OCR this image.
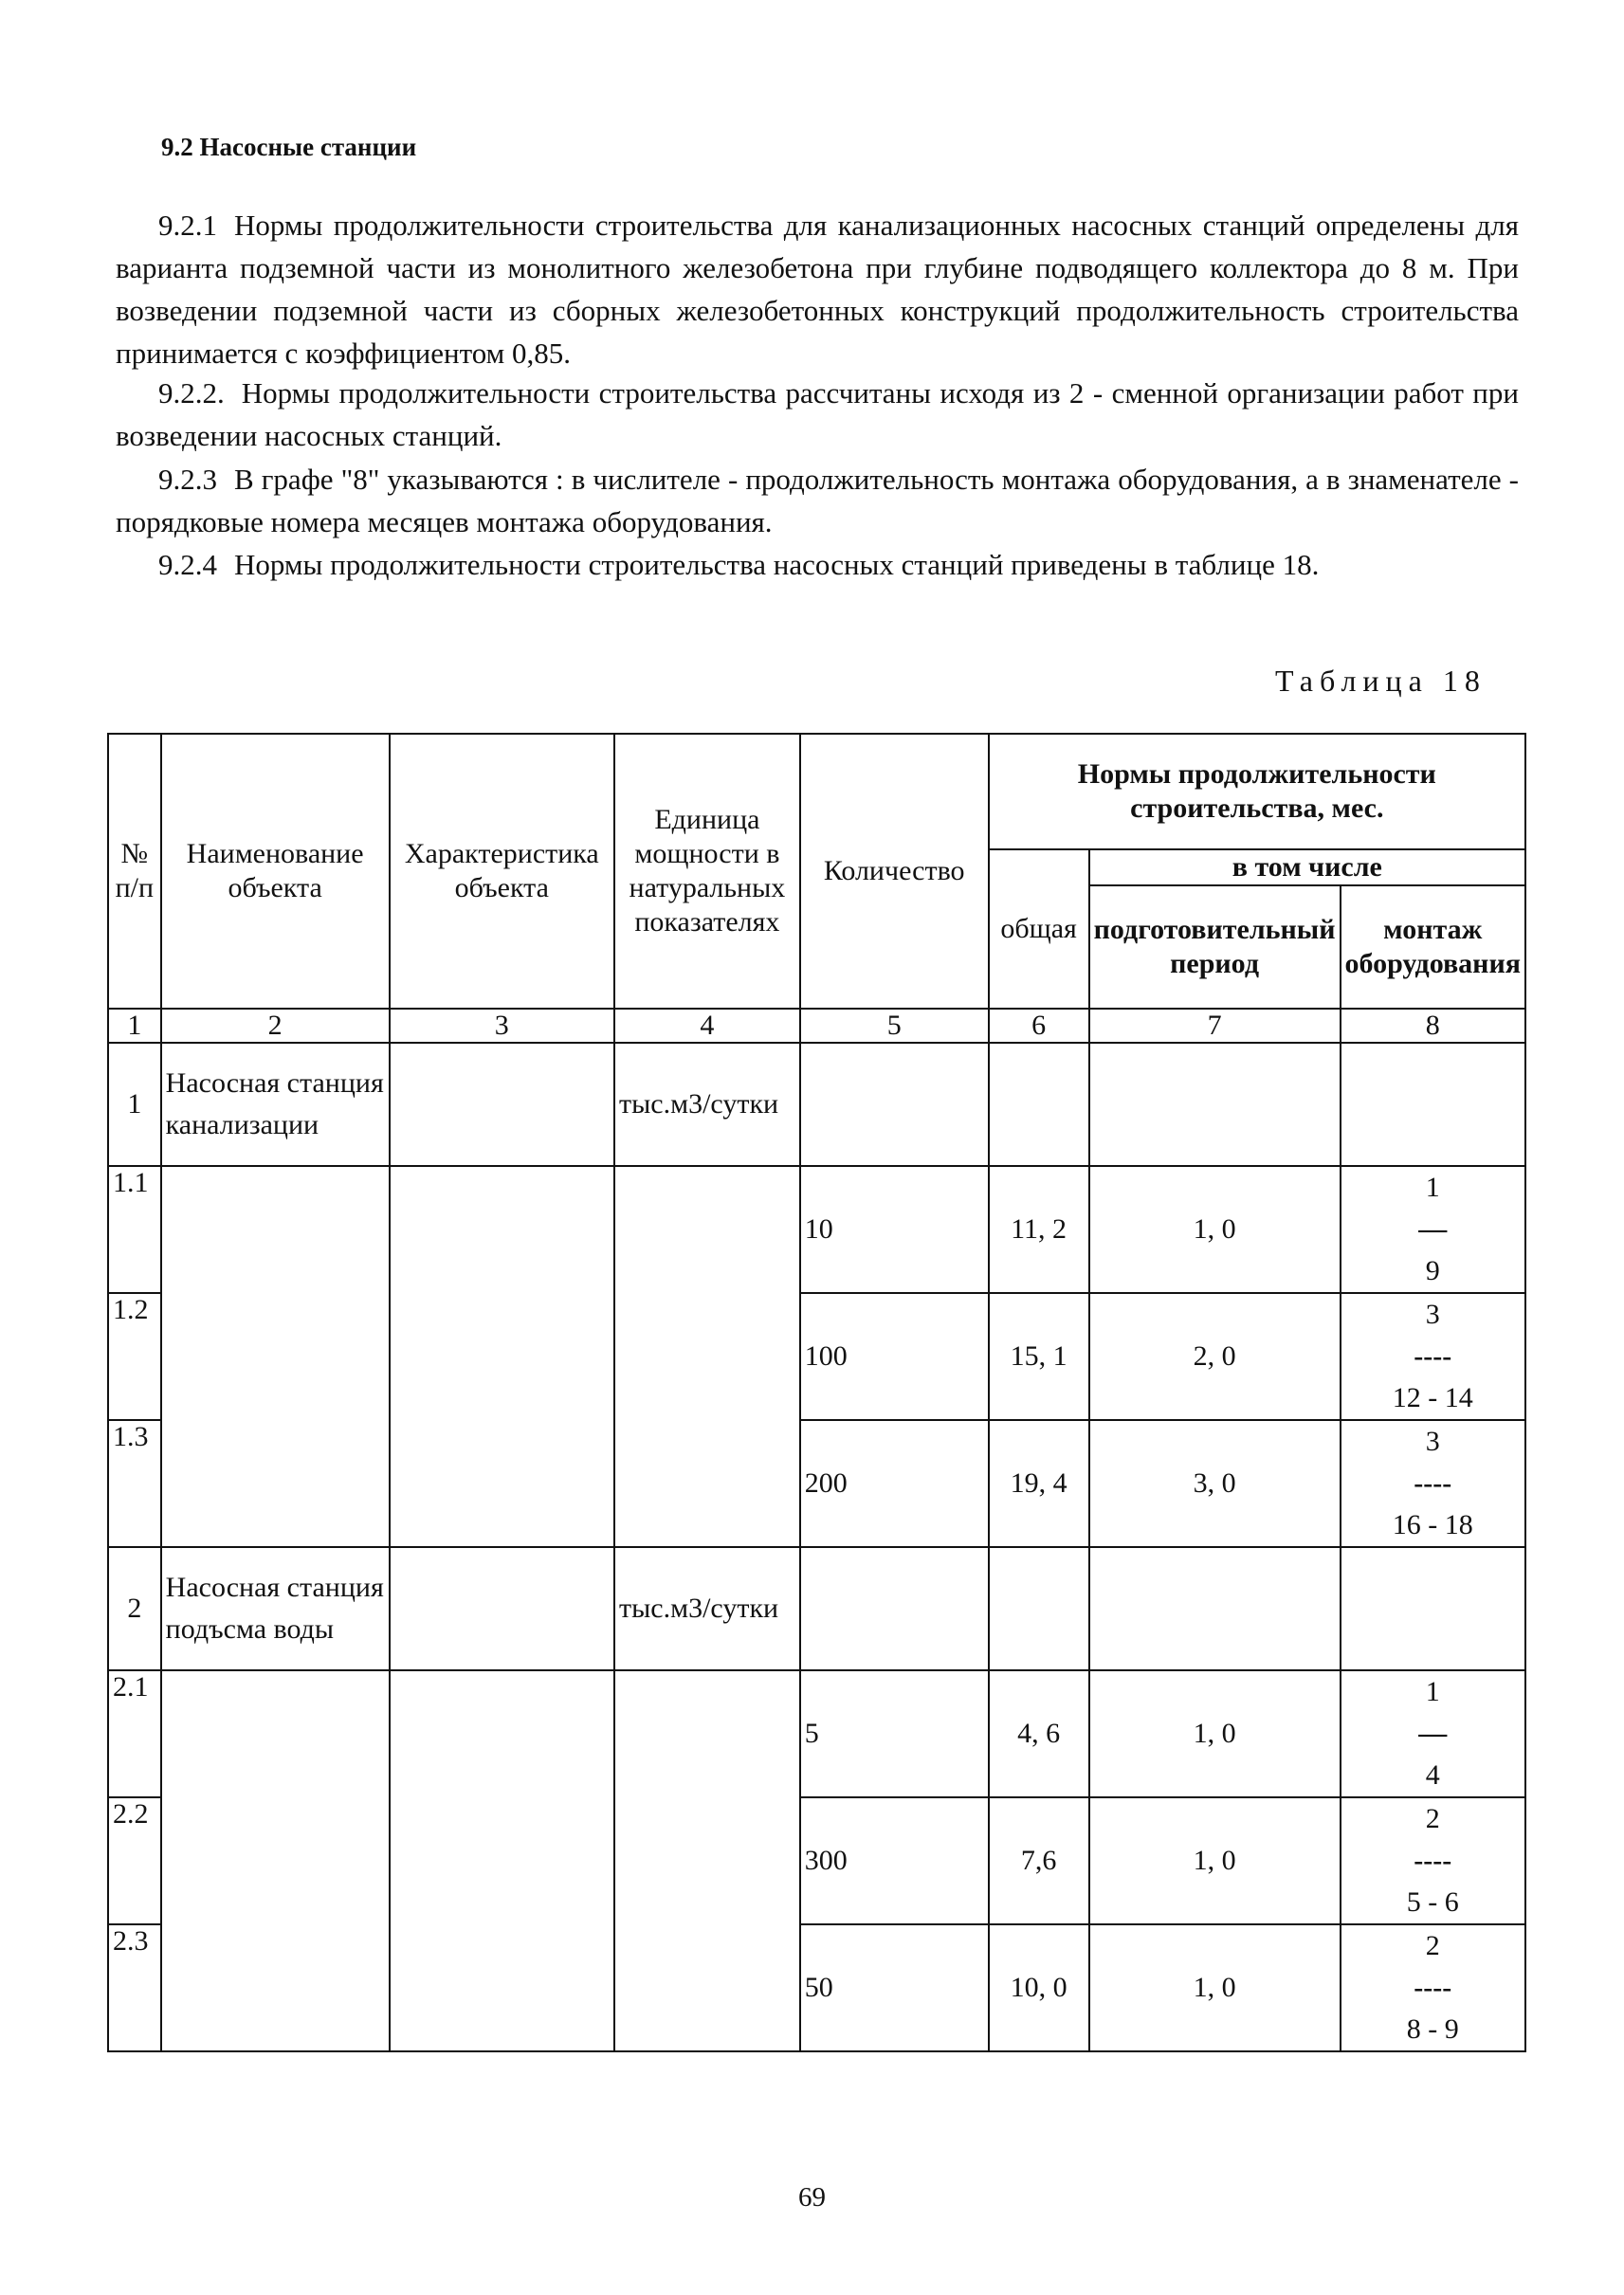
9.2 Насосные станции
9.2.1 Нормы продолжительности строительства для канализационных насосных станций определены для варианта подземной части из монолитного железобетона при глубине подводящего коллектора до 8 м. При возведении подземной части из сборных железобетонных конструкций продолжительность строительства принимается с коэффициентом 0,85.
9.2.2. Нормы продолжительности строительства рассчитаны исходя из 2 - сменной организации работ при возведении насосных станций.
9.2.3 В графе "8" указываются : в числителе - продолжительность монтажа оборудования, а в знаменателе - порядковые номера месяцев монтажа оборудования.
9.2.4 Нормы продолжительности строительства насосных станций приведены в таблице 18.
Таблица 18
№ п/п	Наименование объекта	Характеристика объекта	Единица мощности в натуральных показателях	Количество	Нормы продолжительности строительства, мес.		
					общая	в том числе	
						подготовительный период	монтаж оборудования
1	2	3	4	5	6	7	8
1	Насосная станция канализации		тыс.м3/сутки				
1.1				10	11, 2	1, 0	1
—
9

1.2				100	15, 1	2, 0	3
----
12 - 14

1.3				200	19, 4	3, 0	3
----
16 - 18

2	Насосная станция подъсма воды		тыс.м3/сутки				
2.1				5	4, 6	1, 0	1
—
4

2.2				300	7,6	1, 0	2
----
5 - 6

2.3				50	10, 0	1, 0	2
----
8 - 9
69
